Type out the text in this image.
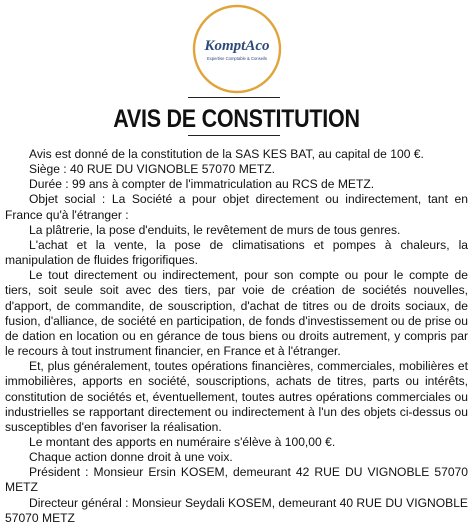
KomptAco
Expertise Comptable & Conseils
AVIS DE CONSTITUTION

Avis est donné de la constitution de la SAS KES BAT, au capital de 100 €.

Siège : 40 RUE DU VIGNOBLE 57070 METZ.

Durée : 99 ans à compter de l'immatriculation au RCS de METZ.

Objet social : La Société a pour objet directement ou indirectement, tant en France qu'à l'étranger :

La plâtrerie, la pose d'enduits, le revêtement de murs de tous genres.

L'achat et la vente, la pose de climatisations et pompes à chaleurs, la manipulation de fluides frigorifiques.

Le tout directement ou indirectement, pour son compte ou pour le compte de tiers, soit seule soit avec des tiers, par voie de création de sociétés nouvelles, d'apport, de commandite, de souscription, d'achat de titres ou de droits sociaux, de fusion, d'alliance, de société en participation, de fonds d'investissement ou de prise ou de dation en location ou en gérance de tous biens ou droits autrement, y compris par le recours à tout instrument financier, en France et à l'étranger.

Et, plus généralement, toutes opérations financières, commerciales, mobilières et immobilières, apports en société, souscriptions, achats de titres, parts ou intérêts, constitution de sociétés et, éventuellement, toutes autres opérations commerciales ou industrielles se rapportant directement ou indirectement à l'un des objets ci-dessus ou susceptibles d'en favoriser la réalisation.

Le montant des apports en numéraire s'élève à 100,00 €.

Chaque action donne droit à une voix.

Président : Monsieur Ersin KOSEM, demeurant 42 RUE DU VIGNOBLE 57070 METZ

Directeur général : Monsieur Seydali KOSEM, demeurant 40 RUE DU VIGNOBLE 57070 METZ
